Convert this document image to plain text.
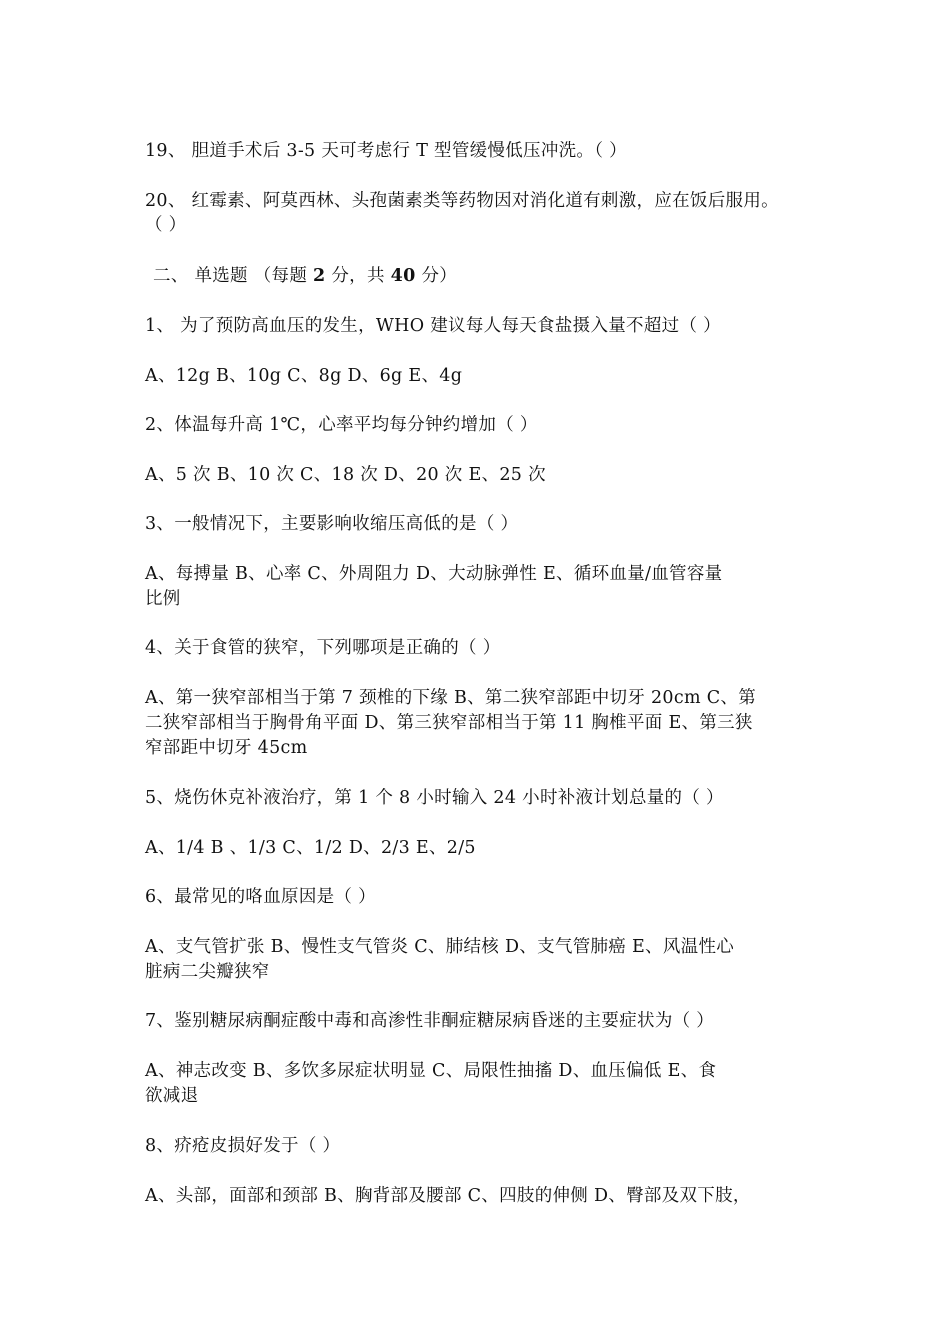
19、 胆道手术后 3-5 天可考虑行 T 型管缓慢低压冲洗。（ ）
20、 红霉素、阿莫西林、头孢菌素类等药物因对消化道有刺激，应在饭后服用。
（ ）
二、 单选题 （每题 2 分，共 40 分）
1、 为了预防高血压的发生，WHO 建议每人每天食盐摄入量不超过（ ）
A、12g B、10g C、8g D、6g E、4g
2、体温每升高 1℃，心率平均每分钟约增加（ ）
A、5 次 B、10 次 C、18 次 D、20 次 E、25 次
3、一般情况下，主要影响收缩压高低的是（ ）
A、每搏量 B、心率 C、外周阻力 D、大动脉弹性 E、循环血量/血管容量
比例
4、关于食管的狭窄，下列哪项是正确的（ ）
A、第一狭窄部相当于第 7 颈椎的下缘 B、第二狭窄部距中切牙 20cm C、第
二狭窄部相当于胸骨角平面 D、第三狭窄部相当于第 11 胸椎平面 E、第三狭
窄部距中切牙 45cm
5、烧伤休克补液治疗，第 1 个 8 小时输入 24 小时补液计划总量的（ ）
A、1/4 B 、1/3 C、1/2 D、2/3 E、2/5
6、最常见的咯血原因是（ ）
A、支气管扩张 B、慢性支气管炎 C、肺结核 D、支气管肺癌 E、风温性心
脏病二尖瓣狭窄
7、鉴别糖尿病酮症酸中毒和高渗性非酮症糖尿病昏迷的主要症状为（ ）
A、神志改变 B、多饮多尿症状明显 C、局限性抽搐 D、血压偏低 E、食
欲减退
8、疥疮皮损好发于（ ）
A、头部，面部和颈部 B、胸背部及腰部 C、四肢的伸侧 D、臀部及双下肢，
